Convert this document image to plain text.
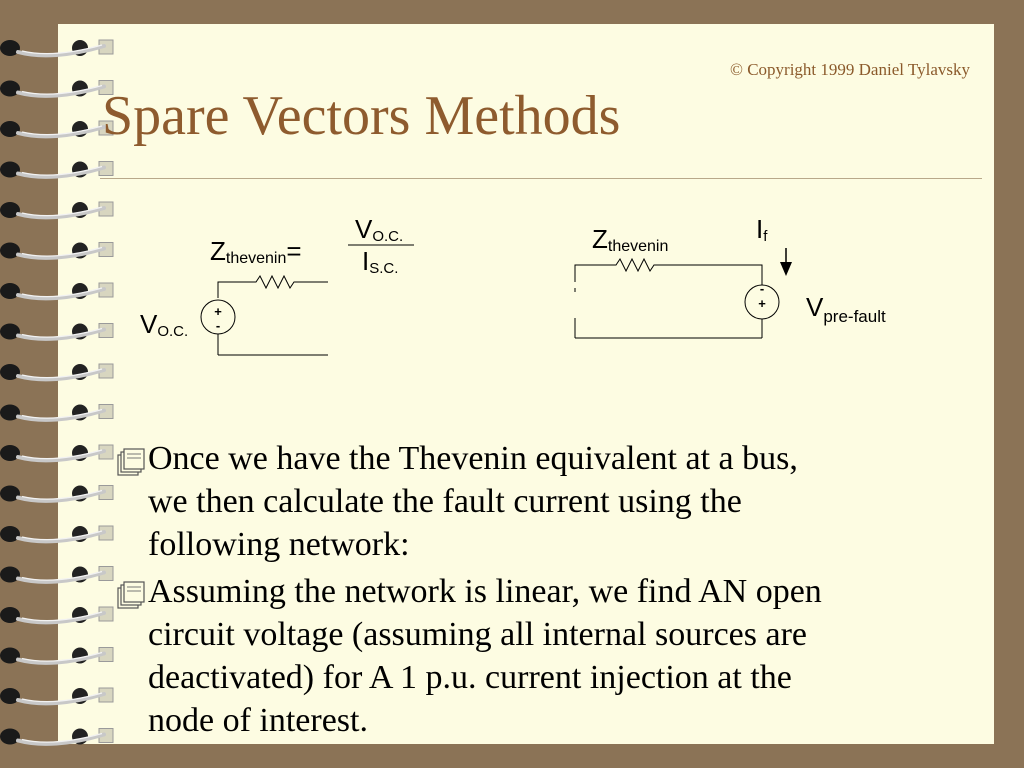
© Copyright 1999 Daniel Tylavsky
Spare Vectors Methods
Zthevenin=
VO.C.
IS.C.
+
-
VO.C.
Zthevenin
If
-
+ $V_{pre-fault}$
Once we have the Thevenin equivalent at a bus,
we then calculate the fault current using the
following network:
Assuming the network is linear, we find AN open
circuit voltage (assuming all internal sources are
deactivated) for A 1 p.u. current injection at the
node of interest.
